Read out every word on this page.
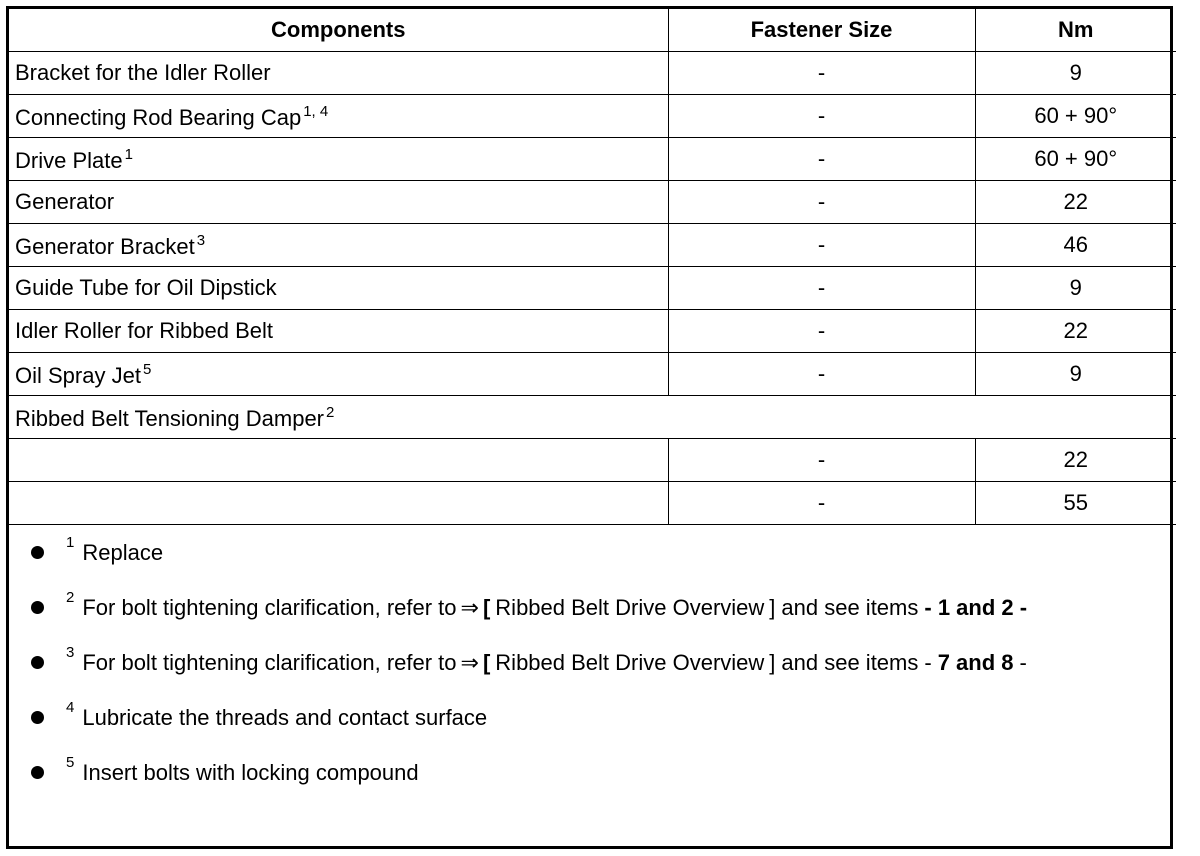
Components	Fastener Size	Nm
Bracket for the Idler Roller	-	9
Connecting Rod Bearing Cap $^{1, 4}$	-	60 + 90°
Drive Plate $^1$	-	60 + 90°
Generator	-	22
Generator Bracket $^3$	-	46
Guide Tube for Oil Dipstick	-	9
Idler Roller for Ribbed Belt	-	22
Oil Spray Jet $^5$	-	9
Ribbed Belt Tensioning Damper $^2$
	-	22
	-	55
1 Replace
2 For bolt tightening clarification, refer to ⇒ [ Ribbed Belt Drive Overview ] and see items - 1 and 2 -
3 For bolt tightening clarification, refer to ⇒ [ Ribbed Belt Drive Overview ] and see items - 7 and 8 -
4 Lubricate the threads and contact surface
5 Insert bolts with locking compound
